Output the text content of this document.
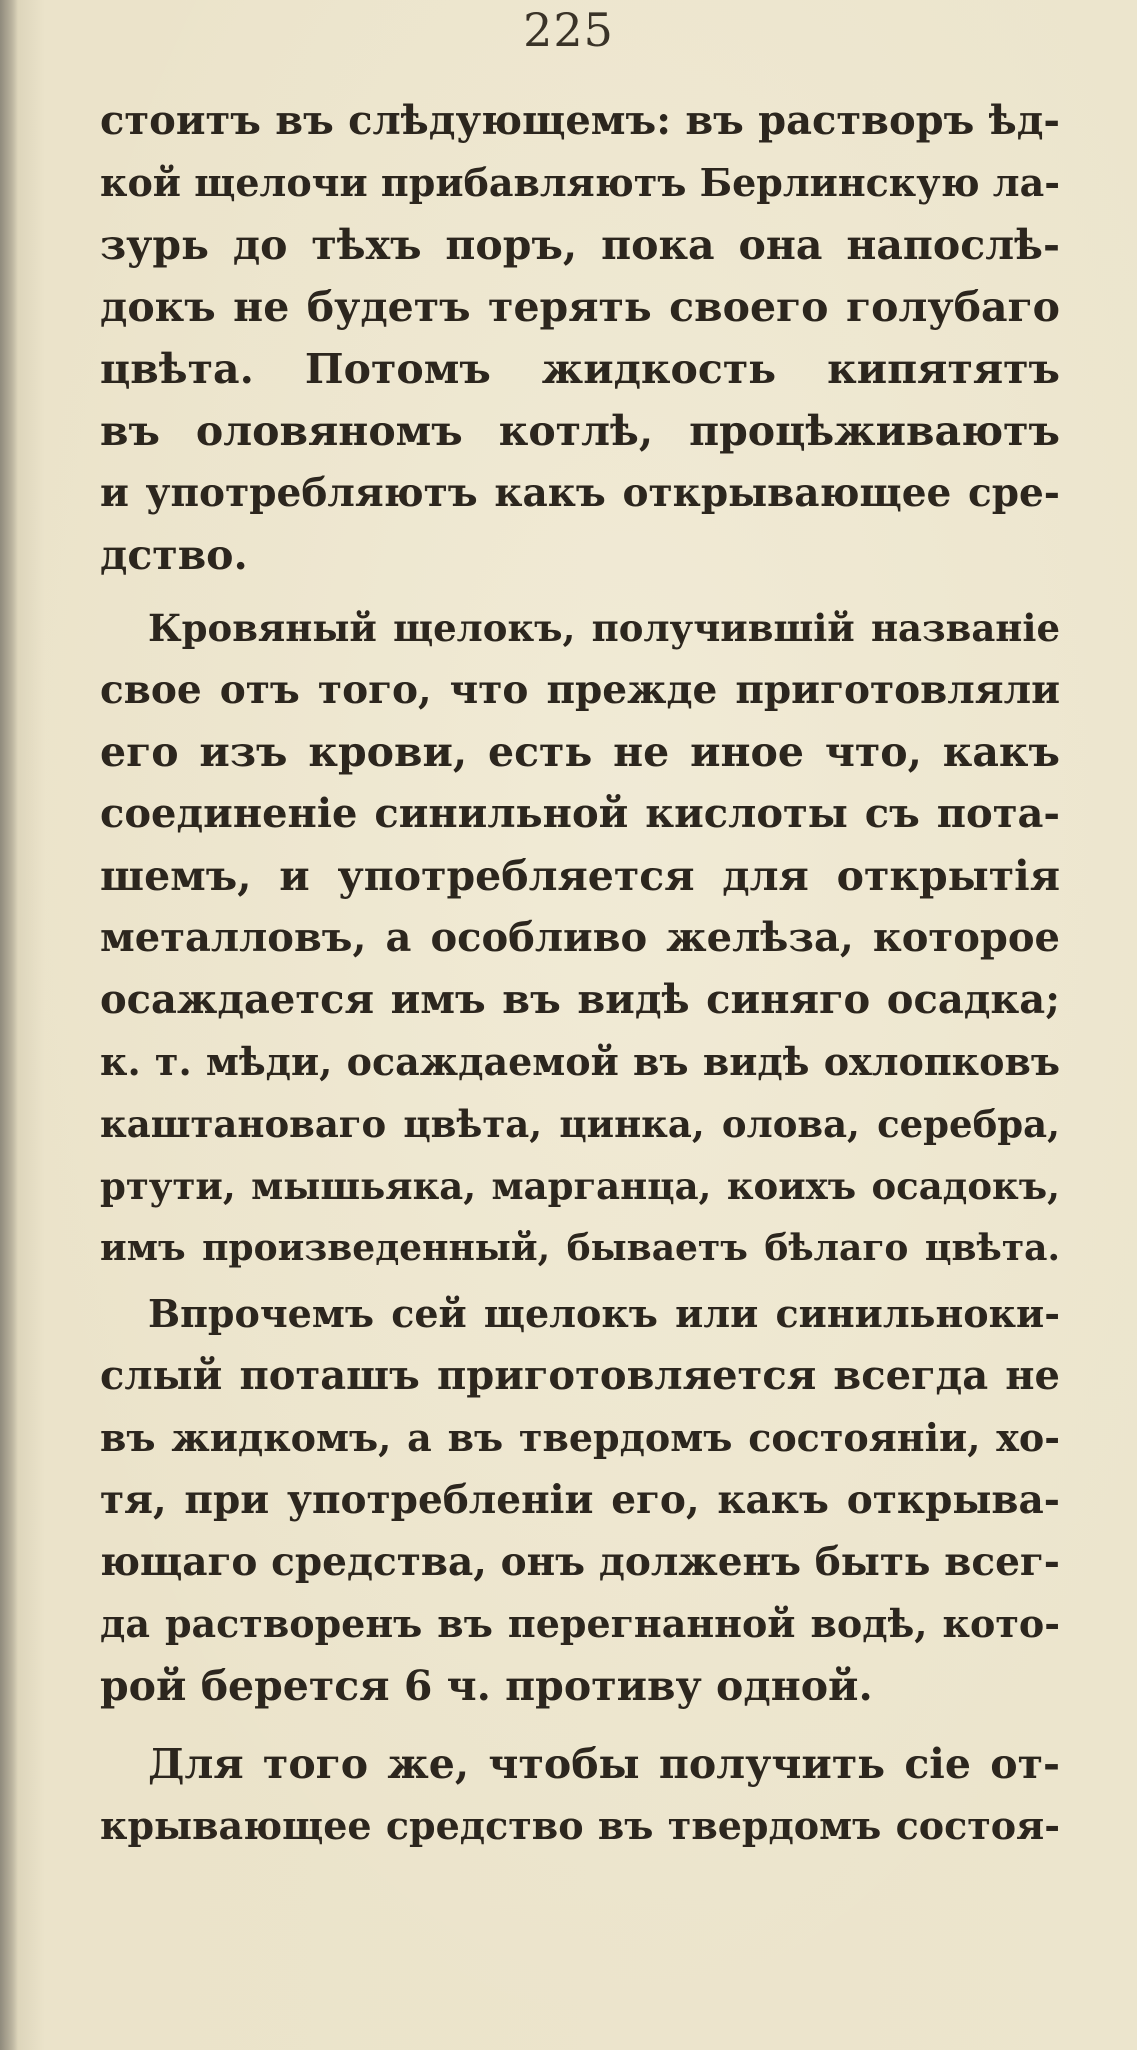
225
стоитъ въ слѣдующемъ: въ растворъ ѣд-
кой щелочи прибавляютъ Берлинскую ла-
зурь до тѣхъ поръ, пока она напослѣ-
докъ не будетъ терять своего голубаго
цвѣта. Потомъ жидкость кипятятъ
въ оловяномъ котлѣ, процѣживаютъ
и употребляютъ какъ открывающее сре-
дство.
Кровяный щелокъ, получившій названіе
свое отъ того, что прежде приготовляли
его изъ крови, есть не иное что, какъ
соединеніе синильной кислоты съ пота-
шемъ, и употребляется для открытія
металловъ, а особливо желѣза, которое
осаждается имъ въ видѣ синяго осадка;
к. т. мѣди, осаждаемой въ видѣ охлопковъ
каштановаго цвѣта, цинка, олова, серебра,
ртути, мышьяка, марганца, коихъ осадокъ,
имъ произведенный, бываетъ бѣлаго цвѣта.
Впрочемъ сей щелокъ или синильноки-
слый поташъ приготовляется всегда не
въ жидкомъ, а въ твердомъ состояніи, хо-
тя, при употребленіи его, какъ открыва-
ющаго средства, онъ долженъ быть всег-
да растворенъ въ перегнанной водѣ, кото-
рой берется 6 ч. противу одной.
Для того же, чтобы получить сіе от-
крывающее средство въ твердомъ состоя-
